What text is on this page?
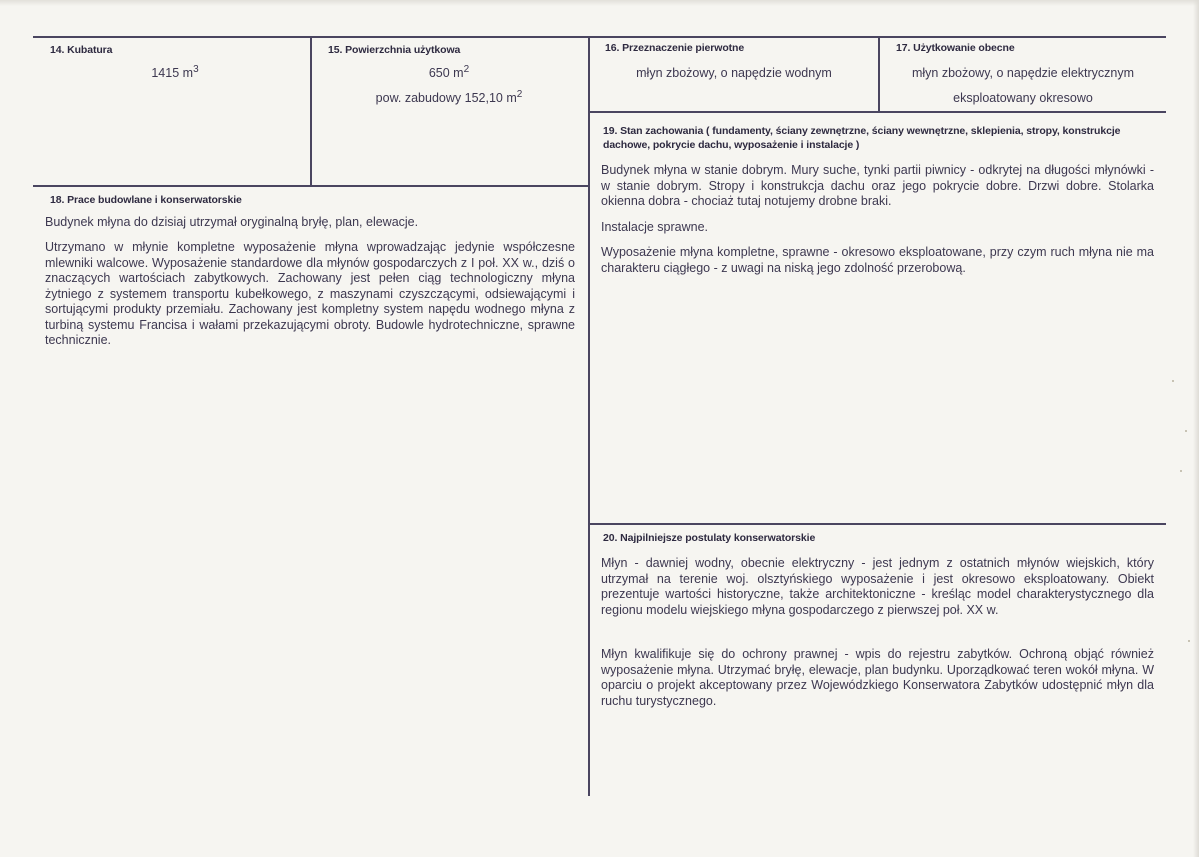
14. Kubatura
1415 $m^3$
15. Powierzchnia użytkowa
650 $m^2$
pow. zabudowy 152,10 $m^2$
16. Przeznaczenie pierwotne
młyn zbożowy, o napędzie wodnym
17. Użytkowanie obecne
młyn zbożowy, o napędzie elektrycznym
eksploatowany okresowo
19. Stan zachowania ( fundamenty, ściany zewnętrzne, ściany wewnętrzne, sklepienia, stropy, konstrukcje dachowe, pokrycie dachu, wyposażenie i instalacje )

Budynek młyna w stanie dobrym. Mury suche, tynki partii piwnicy - odkrytej na długości młynówki - w stanie dobrym. Stropy i konstrukcja dachu oraz jego pokrycie dobre. Drzwi dobre. Stolarka okienna dobra - chociaż tutaj notujemy drobne braki.

Instalacje sprawne.

Wyposażenie młyna kompletne, sprawne - okresowo eksploatowane, przy czym ruch młyna nie ma charakteru ciągłego - z uwagi na niską jego zdolność przerobową.

18. Prace budowlane i konserwatorskie

Budynek młyna do dzisiaj utrzymał oryginalną bryłę, plan, elewacje.

Utrzymano w młynie kompletne wyposażenie młyna wprowadzając jedynie współczesne mlewniki walcowe. Wyposażenie standardowe dla młynów gospodarczych z I poł. XX w., dziś o znaczących wartościach zabytkowych. Zachowany jest pełen ciąg technologiczny młyna żytniego z systemem transportu kubełkowego, z maszynami czyszczącymi, odsiewającymi i sortującymi produkty przemiału. Zachowany jest kompletny system napędu wodnego młyna z turbiną systemu Francisa i wałami przekazującymi obroty. Budowle hydrotechniczne, sprawne technicznie.

20. Najpilniejsze postulaty konserwatorskie

Młyn - dawniej wodny, obecnie elektryczny - jest jednym z ostatnich młynów wiejskich, który utrzymał na terenie woj. olsztyńskiego wyposażenie i jest okresowo eksploatowany. Obiekt prezentuje wartości historyczne, także architektoniczne - kreśląc model charakterystycznego dla regionu modelu wiejskiego młyna gospodarczego z pierwszej poł. XX w.

Młyn kwalifikuje się do ochrony prawnej - wpis do rejestru zabytków. Ochroną objąć również wyposażenie młyna. Utrzymać bryłę, elewacje, plan budynku. Uporządkować teren wokół młyna. W oparciu o projekt akceptowany przez Wojewódzkiego Konserwatora Zabytków udostępnić młyn dla ruchu turystycznego.
